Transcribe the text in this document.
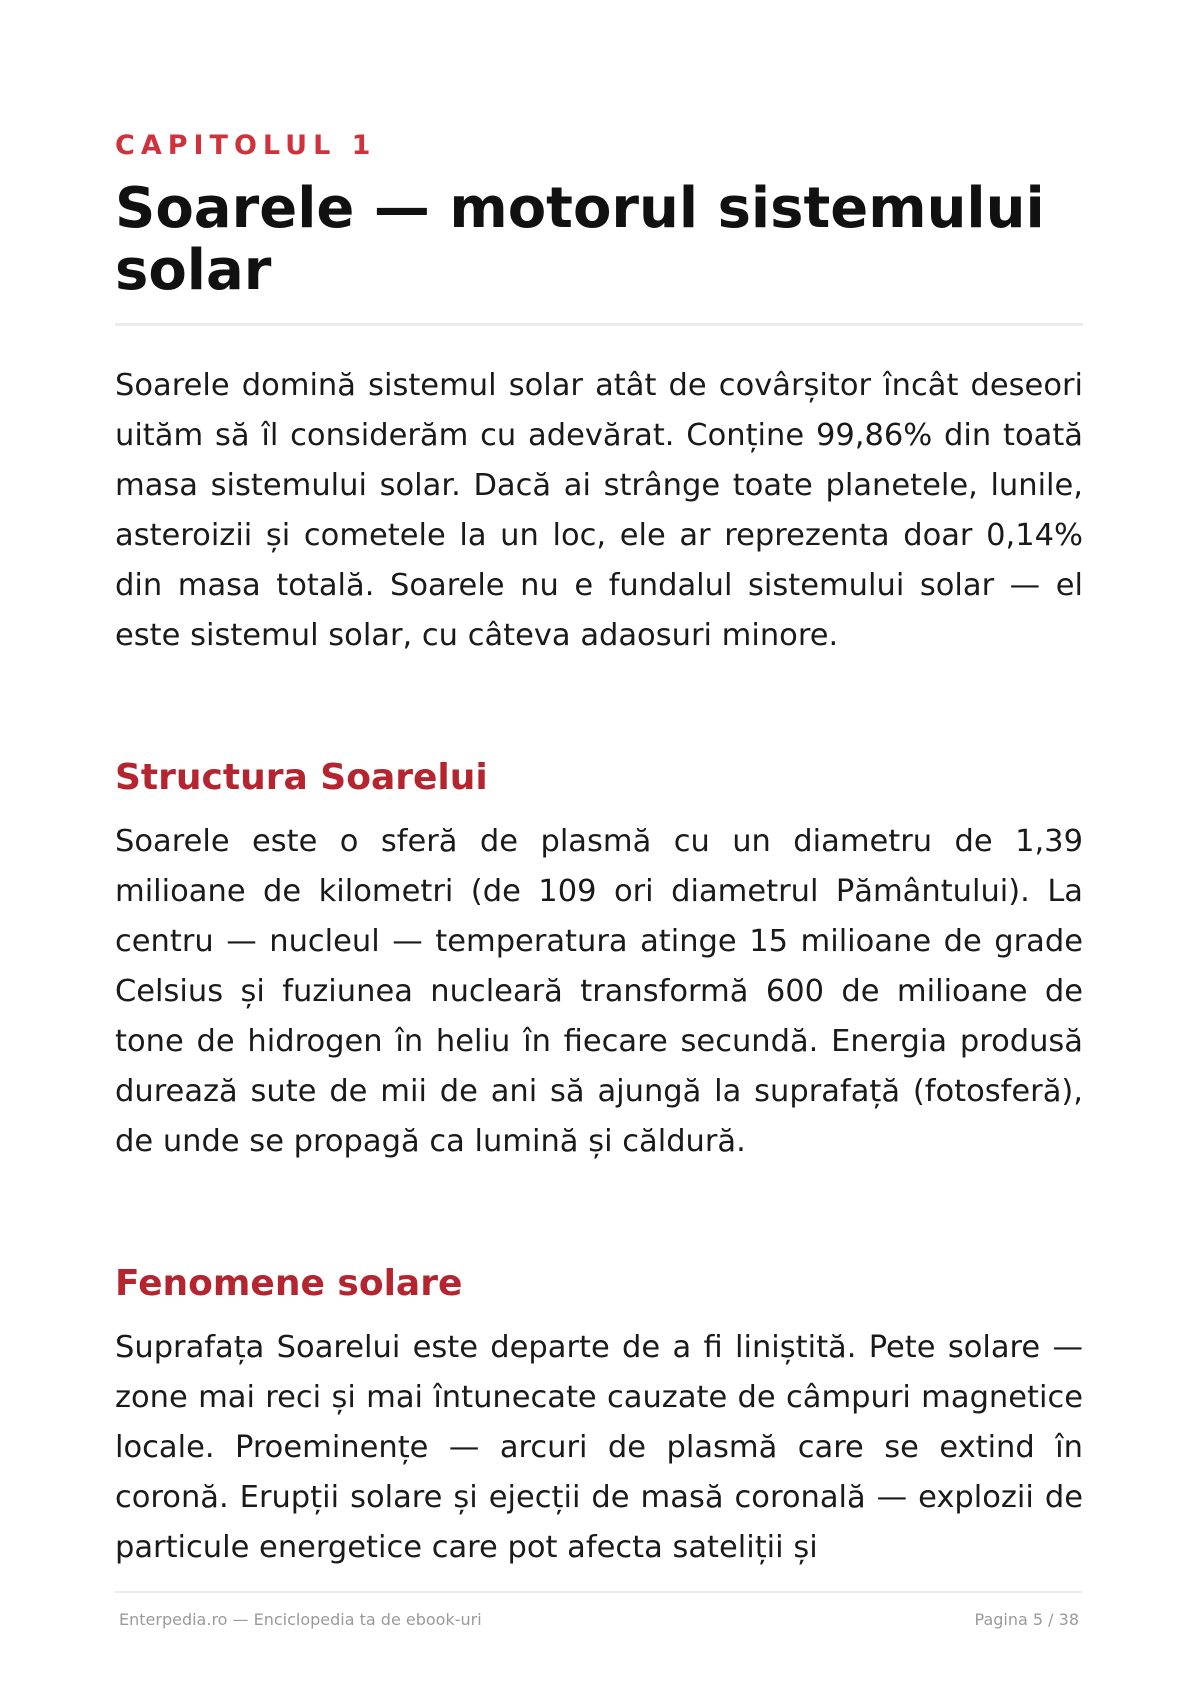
CAPITOLUL 1
Soarele — motorul sistemului solar

Soarele domină sistemul solar atât de covârșitor încât deseori uităm să îl considerăm cu adevărat. Conține 99,86% din toată masa sistemului solar. Dacă ai strânge toate planetele, lunile, asteroizii și cometele la un loc, ele ar reprezenta doar 0,14% din masa totală. Soarele nu e fundalul sistemului solar — el este sistemul solar, cu câteva adaosuri minore.

Structura Soarelui

Soarele este o sferă de plasmă cu un diametru de 1,39 milioane de kilometri (de 109 ori diametrul Pământului). La centru — nucleul — temperatura atinge 15 milioane de grade Celsius și fuziunea nucleară transformă 600 de milioane de tone de hidrogen în heliu în fiecare secundă. Energia produsă durează sute de mii de ani să ajungă la suprafață (fotosferă), de unde se propagă ca lumină și căldură.

Fenomene solare

Suprafața Soarelui este departe de a fi liniștită. Pete solare — zone mai reci și mai întunecate cauzate de câmpuri magnetice locale. Proeminențe — arcuri de plasmă care se extind în coronă. Erupții solare și ejecții de masă coronală — explozii de particule energetice care pot afecta sateliții și

Enterpedia.ro — Enciclopedia ta de ebook-uri	Pagina 5 / 38
